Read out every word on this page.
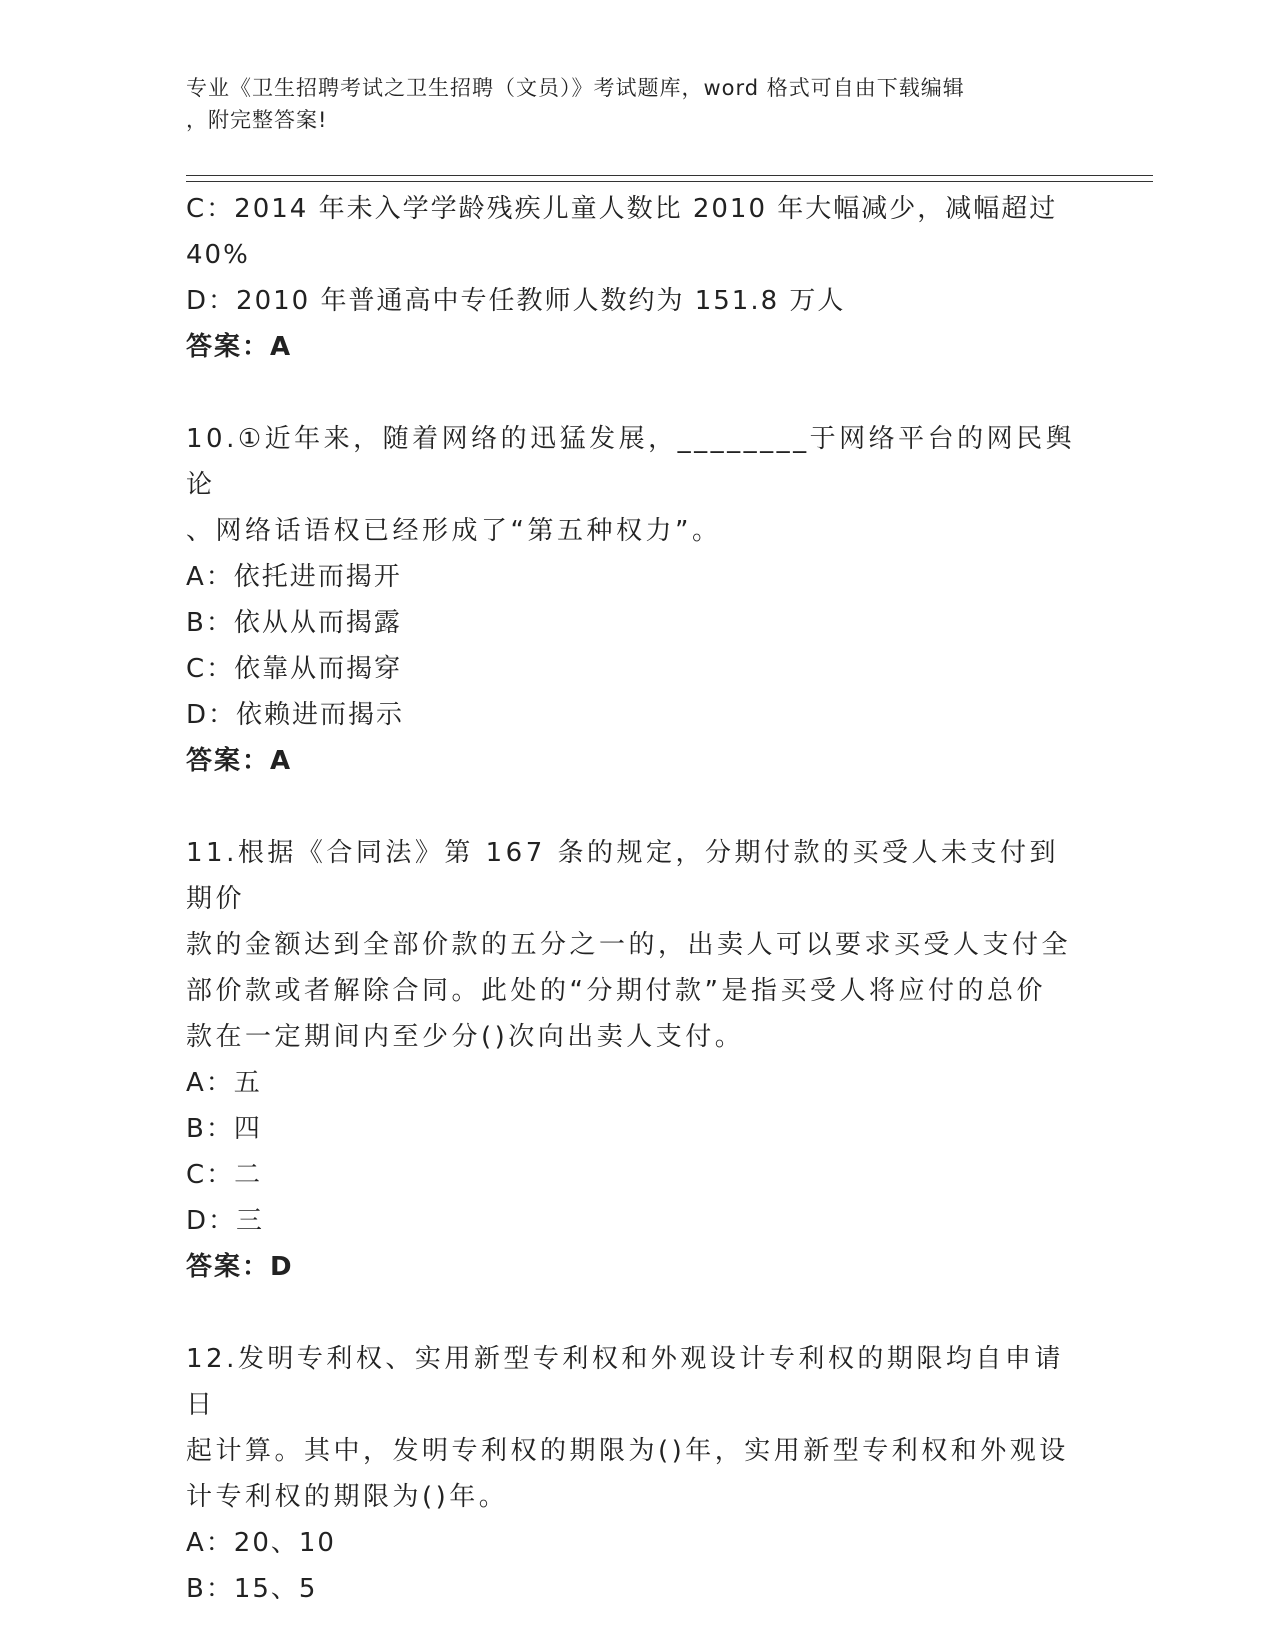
专业《卫生招聘考试之卫生招聘（文员）》考试题库，word 格式可自由下载编辑
，附完整答案!
C：2014 年未入学学龄残疾儿童人数比 2010 年大幅减少，减幅超过
40%
D：2010 年普通高中专任教师人数约为 151.8 万人
答案：A
10.①近年来，随着网络的迅猛发展，________于网络平台的网民舆论
、网络话语权已经形成了“第五种权力”。
A：依托进而揭开
B：依从从而揭露
C：依靠从而揭穿
D：依赖进而揭示
答案：A
11.根据《合同法》第 167 条的规定，分期付款的买受人未支付到期价
款的金额达到全部价款的五分之一的，出卖人可以要求买受人支付全
部价款或者解除合同。此处的“分期付款”是指买受人将应付的总价
款在一定期间内至少分()次向出卖人支付。
A：五
B：四
C：二
D：三
答案：D
12.发明专利权、实用新型专利权和外观设计专利权的期限均自申请日
起计算。其中，发明专利权的期限为()年，实用新型专利权和外观设
计专利权的期限为()年。
A：20、10
B：15、5
